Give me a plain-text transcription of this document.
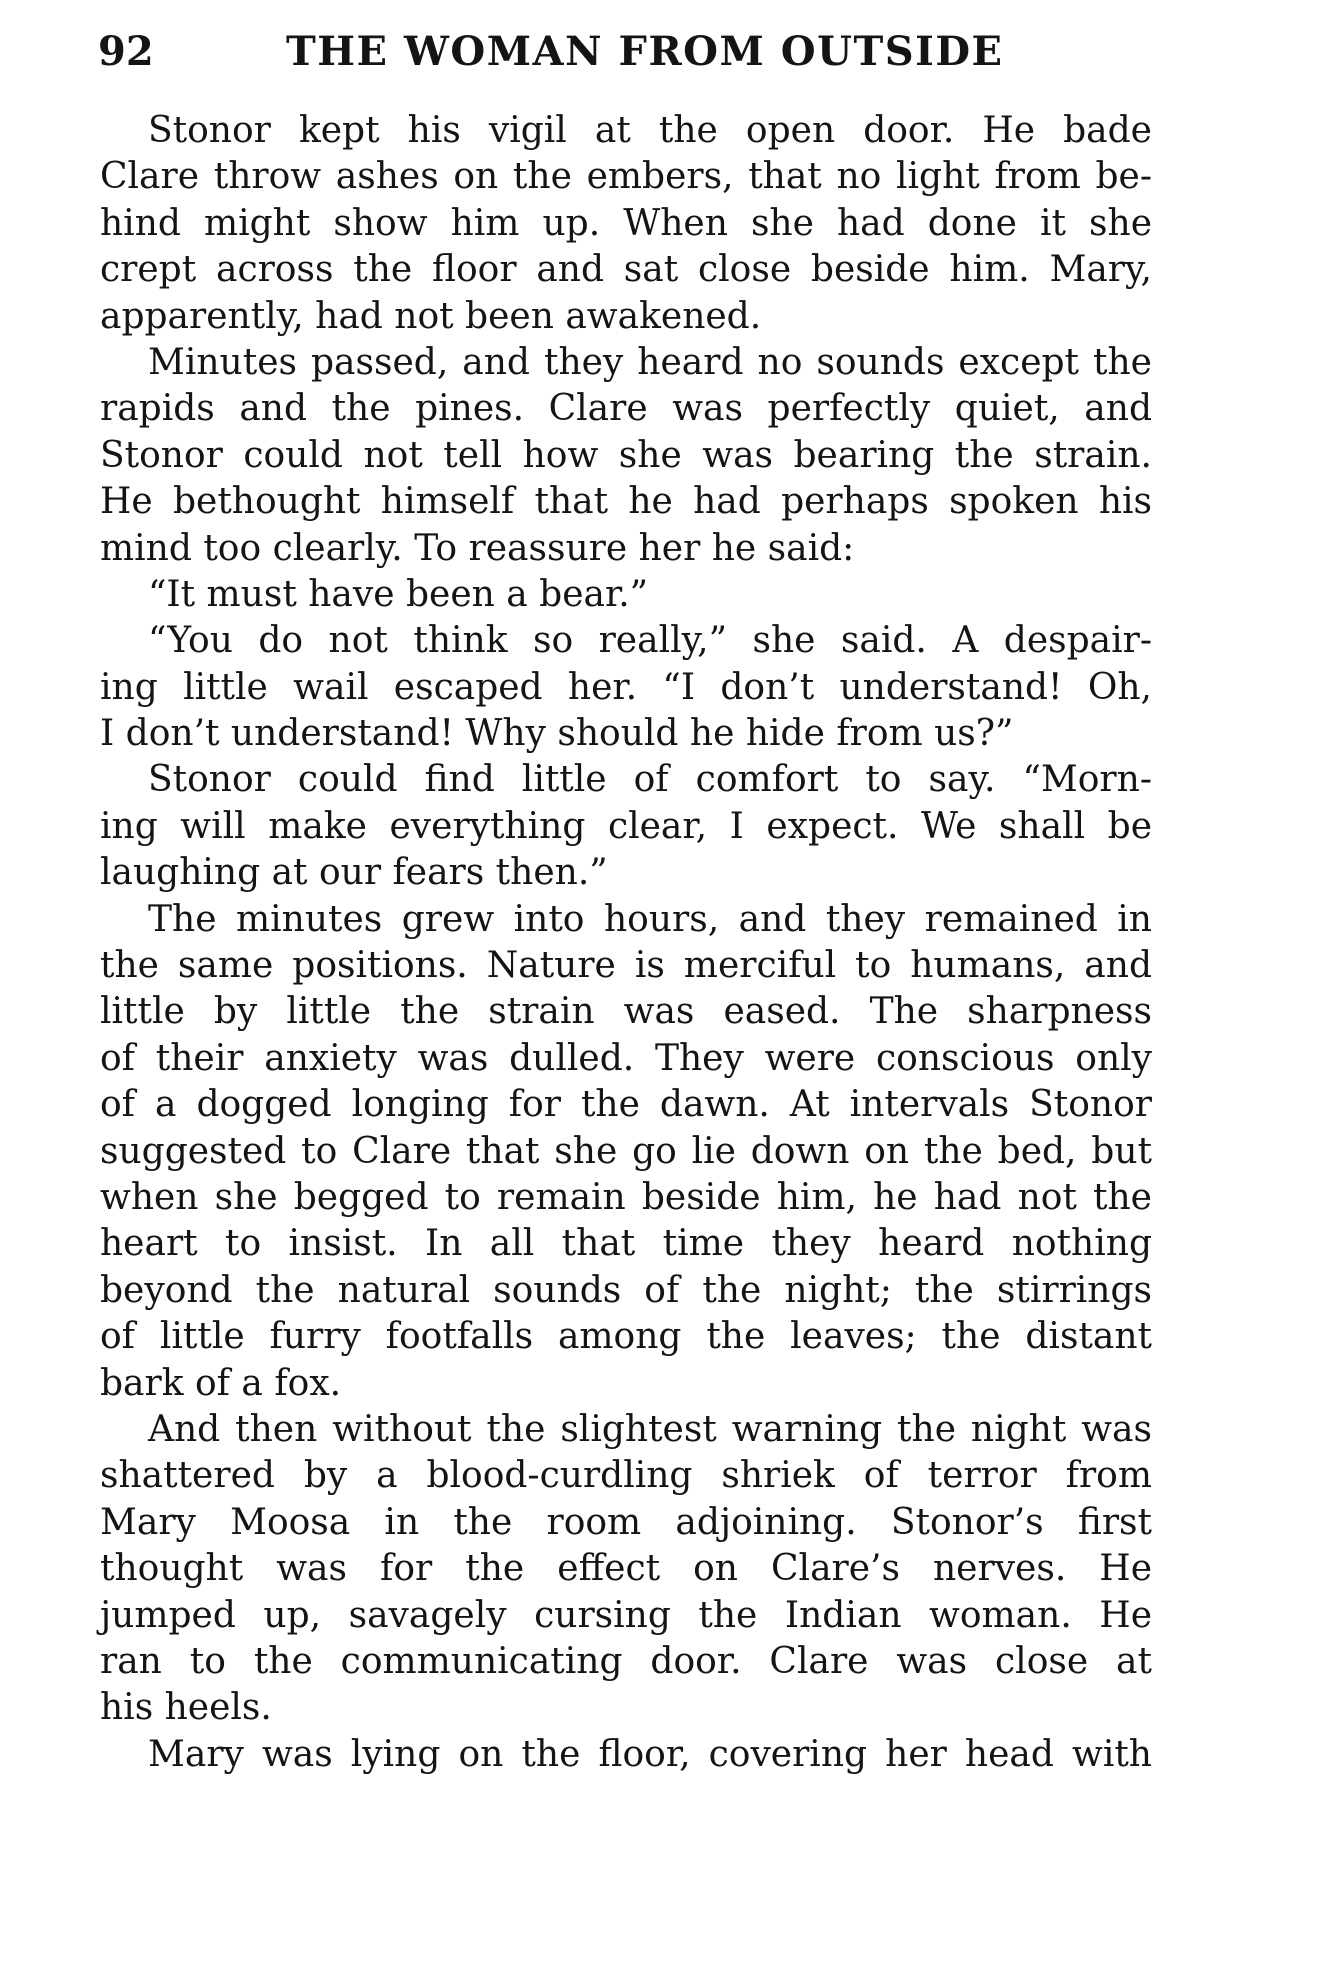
92	THE WOMAN FROM OUTSIDE
Stonor kept his vigil at the open door. He bade
Clare throw ashes on the embers, that no light from be-
hind might show him up. When she had done it she
crept across the floor and sat close beside him. Mary,
apparently, had not been awakened.
Minutes passed, and they heard no sounds except the
rapids and the pines. Clare was perfectly quiet, and
Stonor could not tell how she was bearing the strain.
He bethought himself that he had perhaps spoken his
mind too clearly. To reassure her he said:
“It must have been a bear.”
“You do not think so really,” she said. A despair-
ing little wail escaped her. “I don’t understand! Oh,
I don’t understand! Why should he hide from us?”
Stonor could find little of comfort to say. “Morn-
ing will make everything clear, I expect. We shall be
laughing at our fears then.”
The minutes grew into hours, and they remained in
the same positions. Nature is merciful to humans, and
little by little the strain was eased. The sharpness
of their anxiety was dulled. They were conscious only
of a dogged longing for the dawn. At intervals Stonor
suggested to Clare that she go lie down on the bed, but
when she begged to remain beside him, he had not the
heart to insist. In all that time they heard nothing
beyond the natural sounds of the night; the stirrings
of little furry footfalls among the leaves; the distant
bark of a fox.
And then without the slightest warning the night was
shattered by a blood-curdling shriek of terror from
Mary Moosa in the room adjoining. Stonor’s first
thought was for the effect on Clare’s nerves. He
jumped up, savagely cursing the Indian woman. He
ran to the communicating door. Clare was close at
his heels.
Mary was lying on the floor, covering her head with
